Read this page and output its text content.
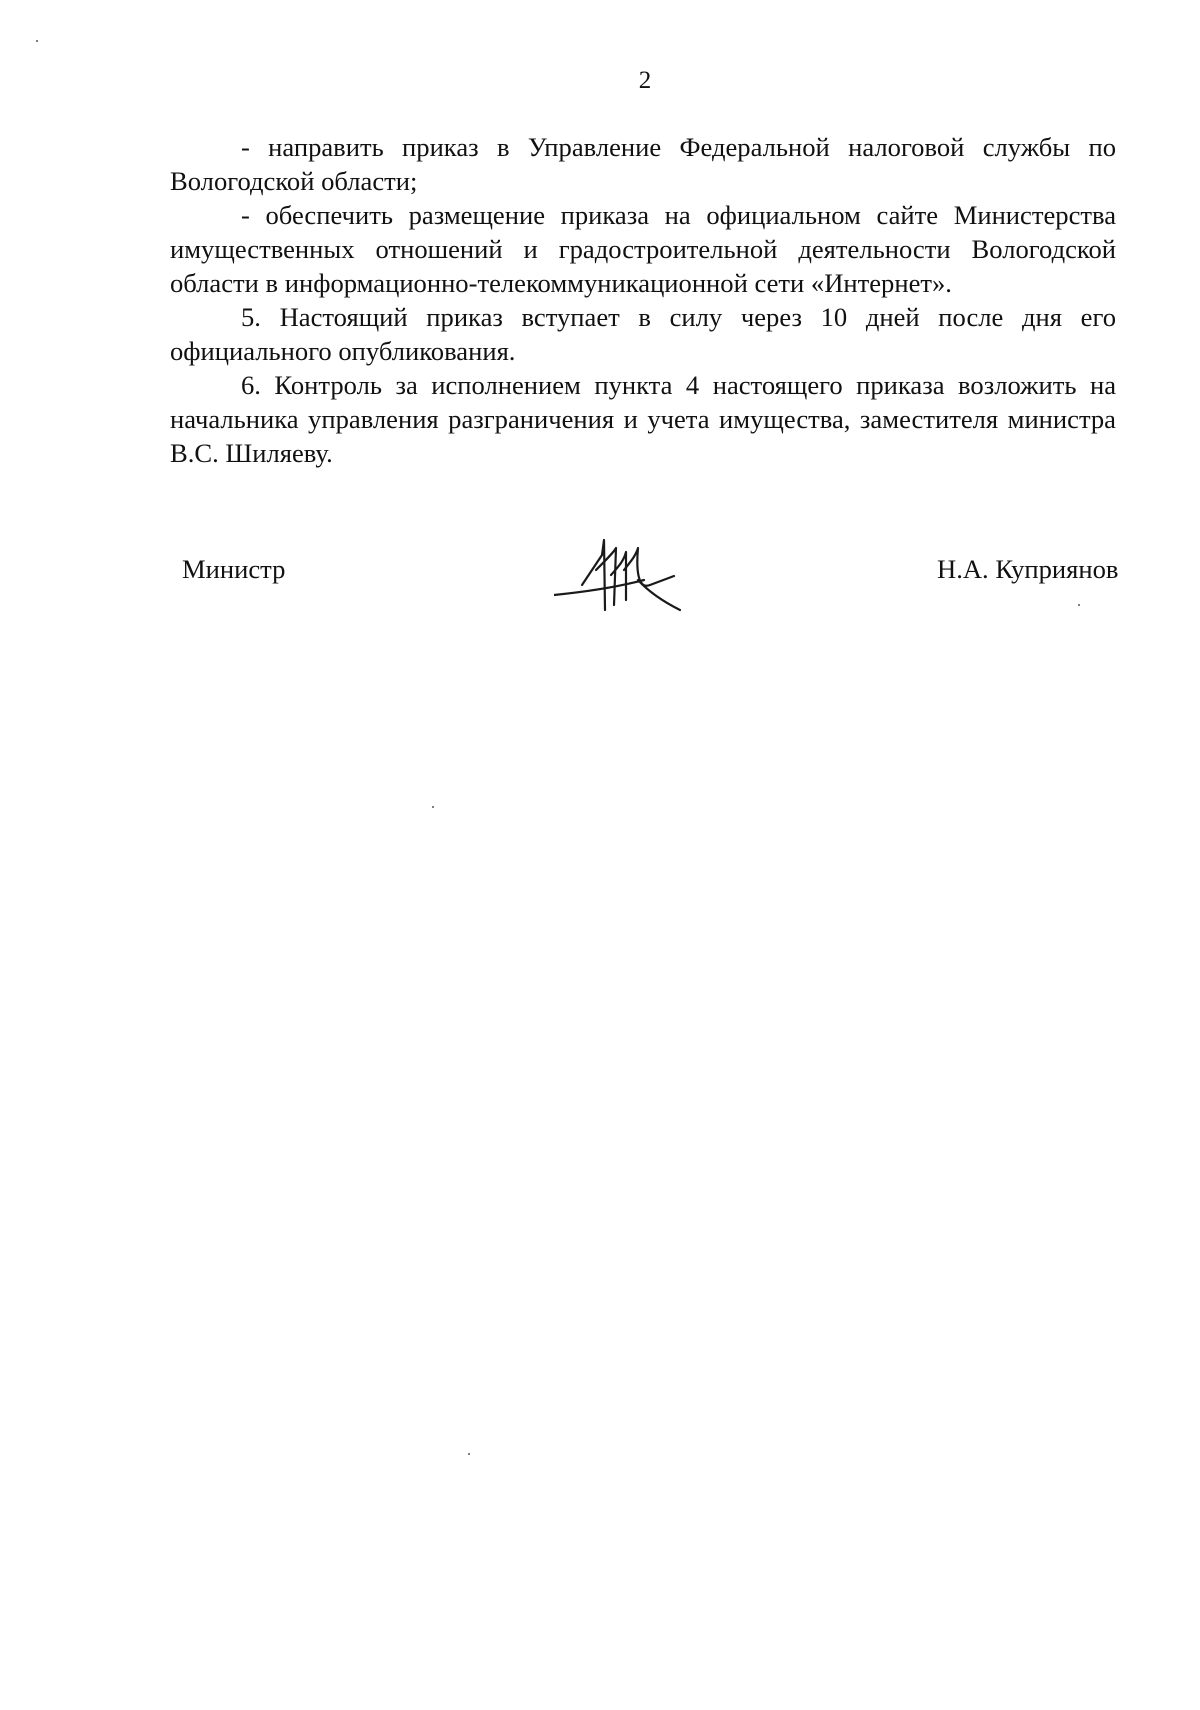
2

- направить приказ в Управление Федеральной налоговой службы по Вологодской области;

- обеспечить размещение приказа на официальном сайте Министерства имущественных отношений и градостроительной деятельности Вологодской области в информационно-телекоммуникационной сети «Интернет».

5. Настоящий приказ вступает в силу через 10 дней после дня его официального опубликования.

6. Контроль за исполнением пункта 4 настоящего приказа возложить на начальника управления разграничения и учета имущества, заместителя министра В.С. Шиляеву.

Министр	Н.А. Куприянов
